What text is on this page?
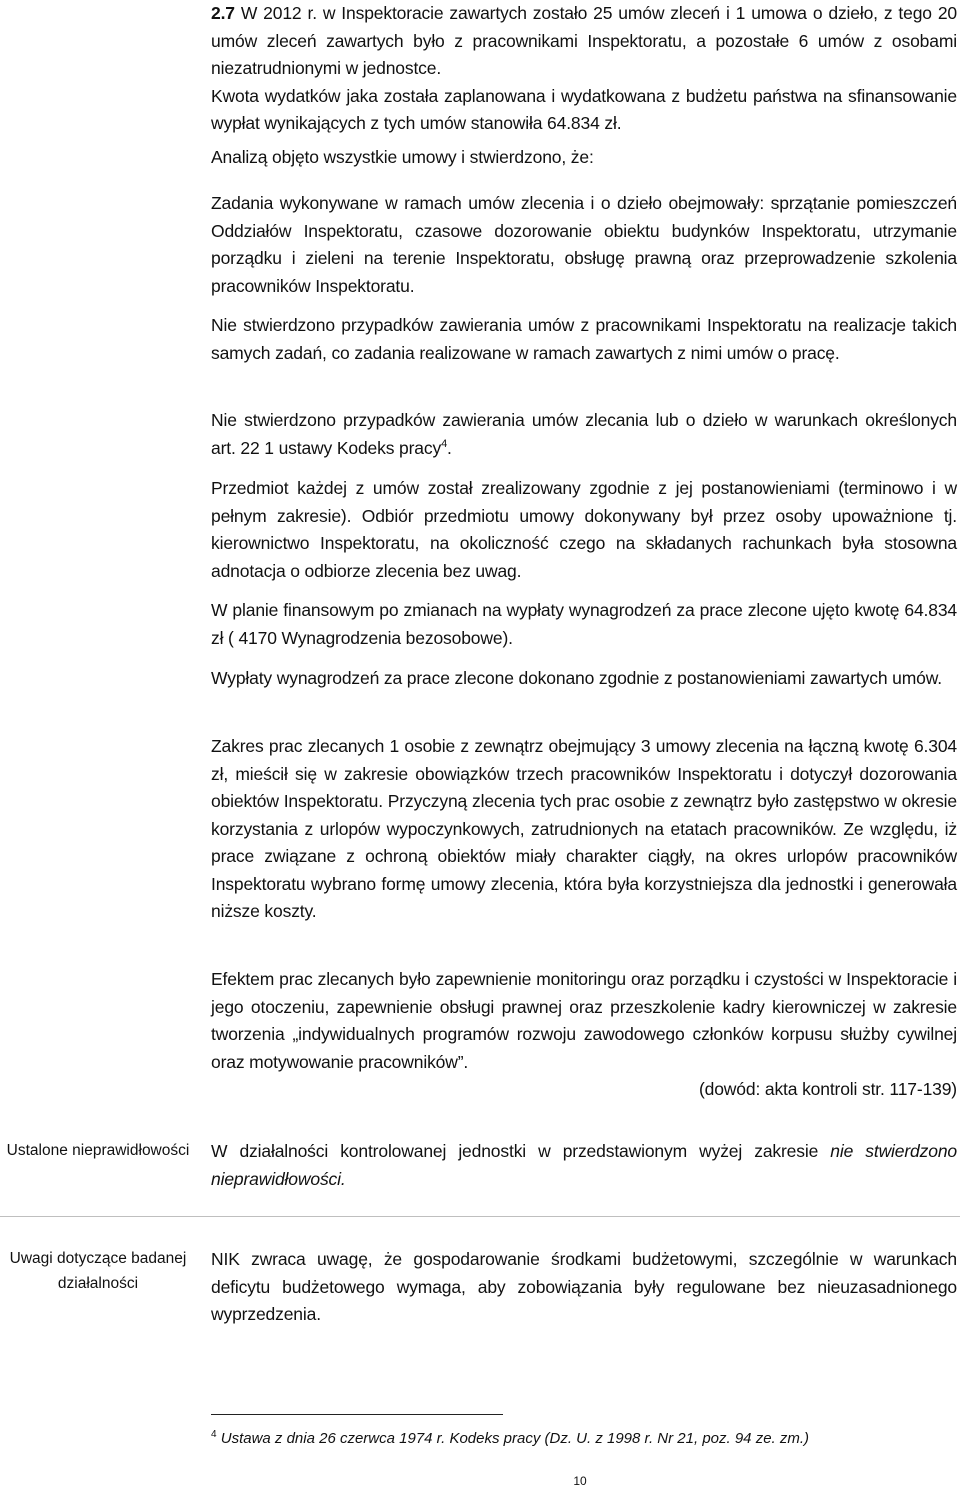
2.7 W 2012 r. w Inspektoracie zawartych zostało 25 umów zleceń i 1 umowa o dzieło, z tego 20 umów zleceń zawartych było z pracownikami Inspektoratu, a pozostałe 6 umów z osobami niezatrudnionymi w jednostce.

Kwota wydatków jaka została zaplanowana i wydatkowana z budżetu państwa na sfinansowanie wypłat wynikających z tych umów stanowiła 64.834 zł.

Analizą objęto wszystkie umowy i stwierdzono, że:

Zadania wykonywane w ramach umów zlecenia i o dzieło obejmowały: sprzątanie pomieszczeń Oddziałów Inspektoratu, czasowe dozorowanie obiektu budynków Inspektoratu, utrzymanie porządku i zieleni na terenie Inspektoratu, obsługę prawną oraz przeprowadzenie szkolenia pracowników Inspektoratu.

Nie stwierdzono przypadków zawierania umów z pracownikami Inspektoratu na realizacje takich samych zadań, co zadania realizowane w ramach zawartych z nimi umów o pracę.

Nie stwierdzono przypadków zawierania umów zlecania lub o dzieło w warunkach określonych art. 22 1 ustawy Kodeks pracy$^4$.

Przedmiot każdej z umów został zrealizowany zgodnie z jej postanowieniami (terminowo i w pełnym zakresie). Odbiór przedmiotu umowy dokonywany był przez osoby upoważnione tj. kierownictwo Inspektoratu, na okoliczność czego na składanych rachunkach była stosowna adnotacja o odbiorze zlecenia bez uwag.

W planie finansowym po zmianach na wypłaty wynagrodzeń za prace zlecone ujęto kwotę 64.834 zł ( 4170 Wynagrodzenia bezosobowe).

Wypłaty wynagrodzeń za prace zlecone dokonano zgodnie z postanowieniami zawartych umów.

Zakres prac zlecanych 1 osobie z zewnątrz obejmujący 3 umowy zlecenia na łączną kwotę 6.304 zł, mieścił się w zakresie obowiązków trzech pracowników Inspektoratu i dotyczył dozorowania obiektów Inspektoratu. Przyczyną zlecenia tych prac osobie z zewnątrz było zastępstwo w okresie korzystania z urlopów wypoczynkowych, zatrudnionych na etatach pracowników. Ze względu, iż prace związane z ochroną obiektów miały charakter ciągły, na okres urlopów pracowników Inspektoratu wybrano formę umowy zlecenia, która była korzystniejsza dla jednostki i generowała niższe koszty.

Efektem prac zlecanych było zapewnienie monitoringu oraz porządku i czystości w Inspektoracie i jego otoczeniu, zapewnienie obsługi prawnej oraz przeszkolenie kadry kierowniczej w zakresie tworzenia „indywidualnych programów rozwoju zawodowego członków korpusu służby cywilnej oraz motywowanie pracowników”.

(dowód: akta kontroli str. 117-139)

Ustalone nieprawidłowości	W działalności kontrolowanej jednostki w przedstawionym wyżej zakresie nie stwierdzono nieprawidłowości.

Uwagi dotyczące badanej działalności

NIK zwraca uwagę, że gospodarowanie środkami budżetowymi, szczególnie w warunkach deficytu budżetowego wymaga, aby zobowiązania były regulowane bez nieuzasadnionego wyprzedzenia.

$^4$ Ustawa z dnia 26 czerwca 1974 r. Kodeks pracy (Dz. U. z 1998 r. Nr 21, poz. 94 ze. zm.)
10
